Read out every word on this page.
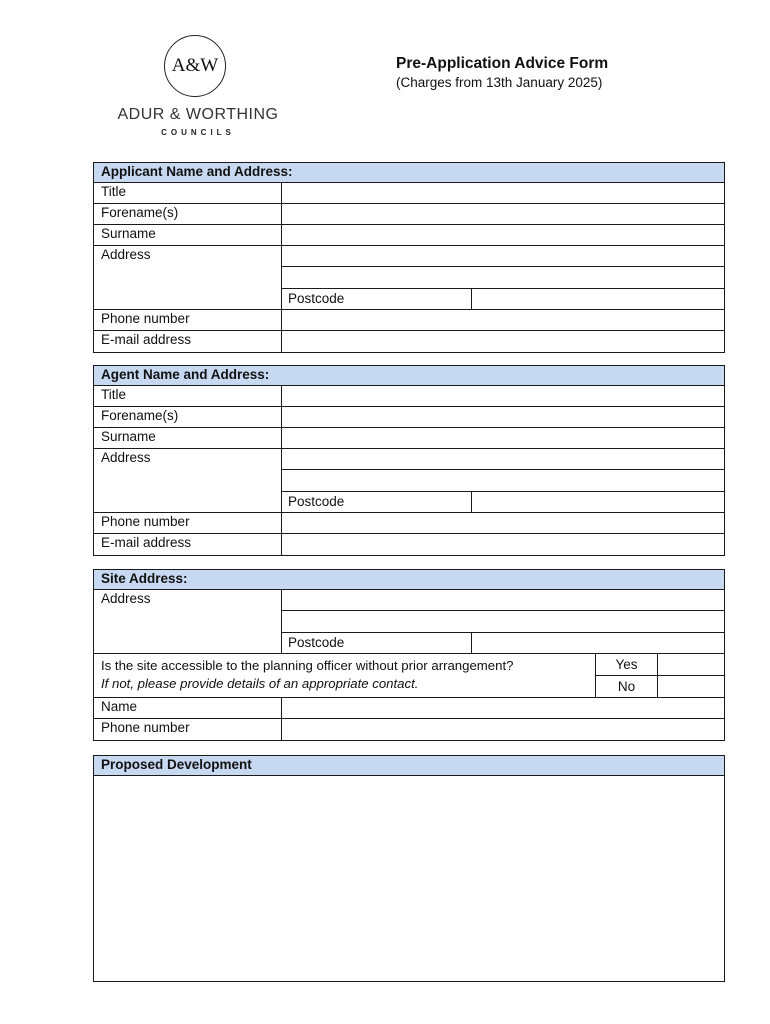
A&W
ADUR & WORTHING
COUNCILS
Pre-Application Advice Form
(Charges from 13th January 2025)
Applicant Name and Address:
Title
Forename(s)
Surname
Address
Postcode
Phone number
E-mail address
Agent Name and Address:
Title
Forename(s)
Surname
Address
Postcode
Phone number
E-mail address
Site Address:
Address
Postcode
Is the site accessible to the planning officer without prior arrangement?
If not, please provide details of an appropriate contact.
Yes
No
Name
Phone number
Proposed Development
